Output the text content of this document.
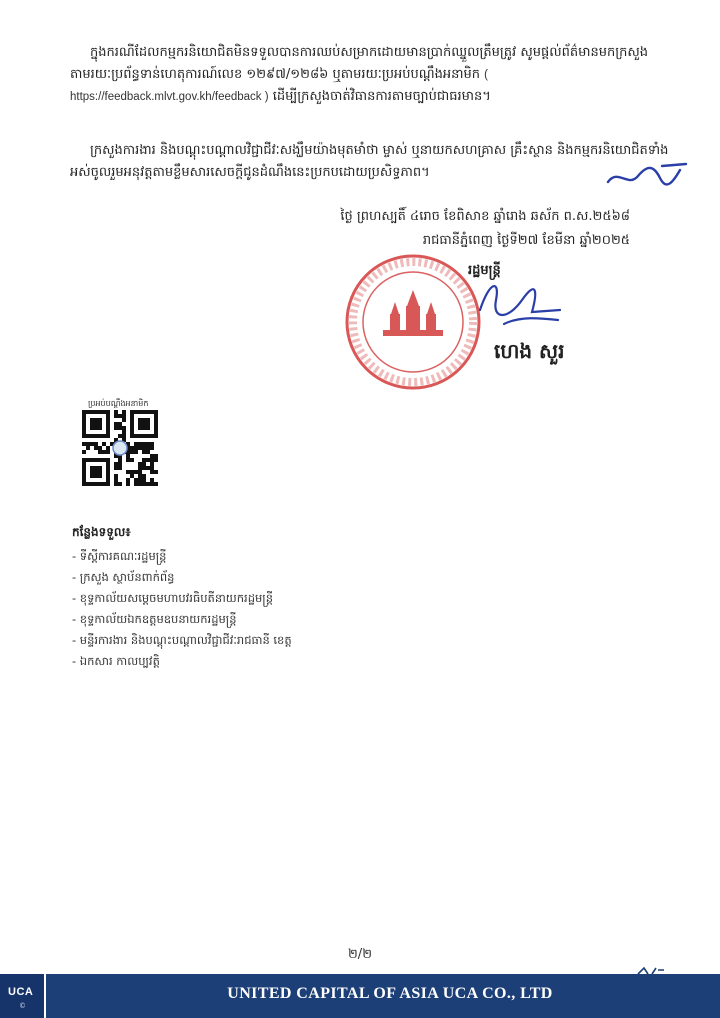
ក្នុងករណីដែលកម្មករនិយោជិតមិនទទួលបានការឈប់សម្រាកដោយមានប្រាក់ឈ្នួលត្រឹមត្រូវ សូមផ្ដល់ព័ត៌មានមកក្រសួងតាមរយៈប្រព័ន្ធទាន់ហេតុការណ៍លេខ ១២៩៧/១២៨៦ ឬតាមរយៈប្រអប់បណ្ដឹងអនាមិក ( https://feedback.mlvt.gov.kh/feedback ) ដើម្បីក្រសួងចាត់វិធានការតាមច្បាប់ជាធរមាន។
ក្រសួងការងារ និងបណ្ដុះបណ្ដាលវិជ្ជាជីវៈសង្ឃឹមយ៉ាងមុតមាំថា ម្ចាស់ ឬនាយកសហគ្រាស គ្រឹះស្ថាន និងកម្មករនិយោជិតទាំងអស់ចូលរួមអនុវត្តតាមខ្លឹមសារសេចក្ដីជូនដំណឹងនេះប្រកបដោយប្រសិទ្ធភាព។
ថ្ងៃ ព្រហស្បតិ៍ ៤រោច ខែពិសាខ ឆ្នាំរោង ឆស័ក ព.ស.២៥៦៨
រាជធានីភ្នំពេញ ថ្ងៃទី២៧ ខែមីនា ឆ្នាំ២០២៥
រដ្ឋមន្ត្រី
ហេង សួរ
ប្រអប់បណ្ដឹងអនាមិក
កន្លែងទទួល៖
- ទីស្ដីការគណៈរដ្ឋមន្ត្រី
- ក្រសួង ស្ថាប័នពាក់ព័ន្ធ
- ខុទ្ទកាល័យសម្ដេចមហាបវរធិបតីនាយករដ្ឋមន្ត្រី
- ខុទ្ទកាល័យឯកឧត្តមឧបនាយករដ្ឋមន្ត្រី
- មន្ទីរការងារ និងបណ្ដុះបណ្ដាលវិជ្ជាជីវៈរាជធានី ខេត្ត
- ឯកសារ កាលប្បវត្តិ
២/២
UCA
©
UNITED CAPITAL OF ASIA UCA CO., LTD
